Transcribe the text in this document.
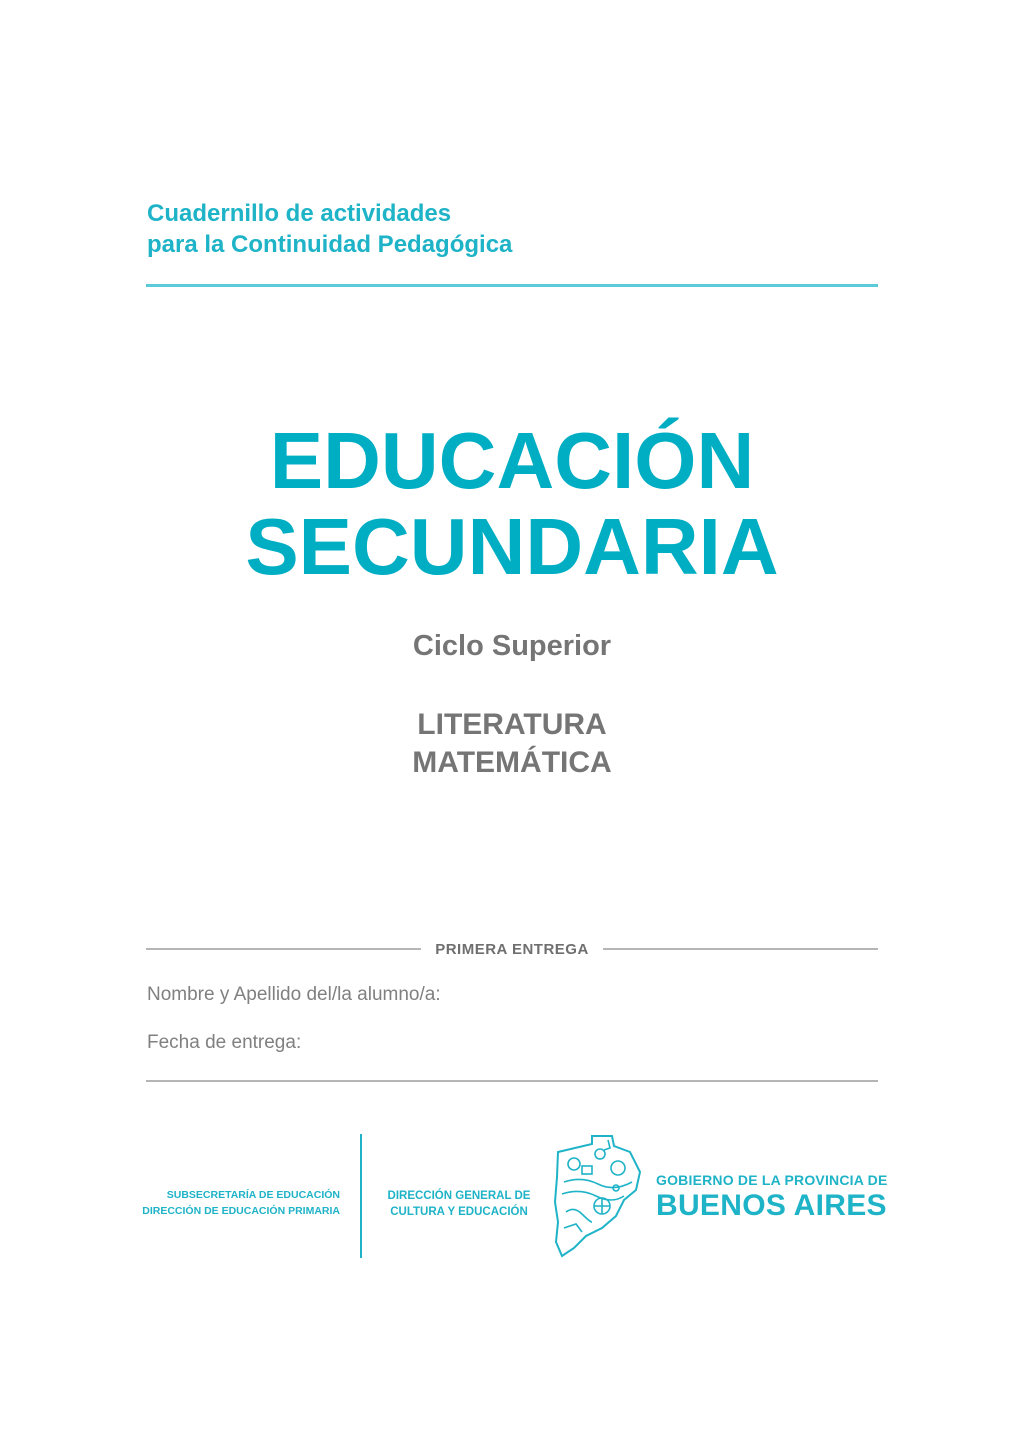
Cuadernillo de actividades
para la Continuidad Pedagógica
EDUCACIÓN
SECUNDARIA
Ciclo Superior
LITERATURA
MATEMÁTICA
PRIMERA ENTREGA
Nombre y Apellido del/la alumno/a:
Fecha de entrega:
SUBSECRETARÍA DE EDUCACIÓN
DIRECCIÓN DE EDUCACIÓN PRIMARIA
DIRECCIÓN GENERAL DE
CULTURA Y EDUCACIÓN
GOBIERNO DE LA PROVINCIA DE
BUENOS AIRES
